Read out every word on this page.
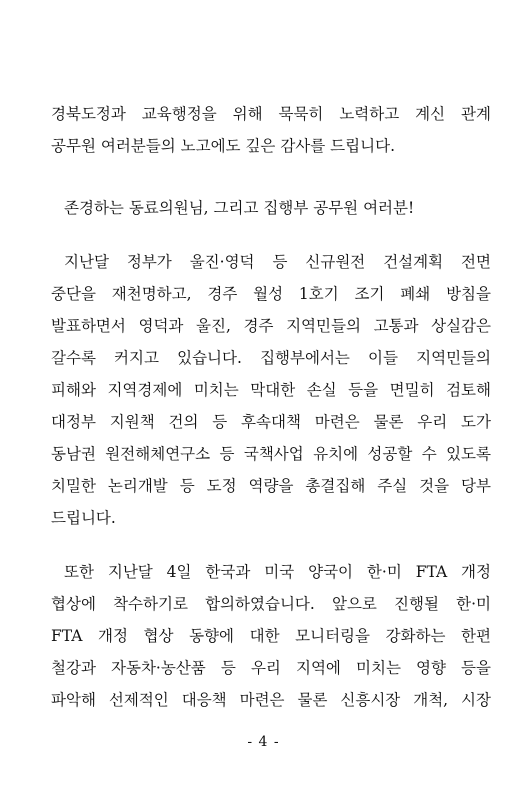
경북도정과 교육행정을 위해 묵묵히 노력하고 계신 관계
공무원 여러분들의 노고에도 깊은 감사를 드립니다.

존경하는 동료의원님, 그리고 집행부 공무원 여러분!

지난달 정부가 울진·영덕 등 신규원전 건설계획 전면
중단을 재천명하고, 경주 월성 1호기 조기 폐쇄 방침을
발표하면서 영덕과 울진, 경주 지역민들의 고통과 상실감은
갈수록 커지고 있습니다. 집행부에서는 이들 지역민들의
피해와 지역경제에 미치는 막대한 손실 등을 면밀히 검토해
대정부 지원책 건의 등 후속대책 마련은 물론 우리 도가
동남권 원전해체연구소 등 국책사업 유치에 성공할 수 있도록
치밀한 논리개발 등 도정 역량을 총결집해 주실 것을 당부
드립니다.

또한 지난달 4일 한국과 미국 양국이 한·미 FTA 개정
협상에 착수하기로 합의하였습니다. 앞으로 진행될 한·미
FTA 개정 협상 동향에 대한 모니터링을 강화하는 한편
철강과 자동차·농산품 등 우리 지역에 미치는 영향 등을
파악해 선제적인 대응책 마련은 물론 신흥시장 개척, 시장

- 4 -
